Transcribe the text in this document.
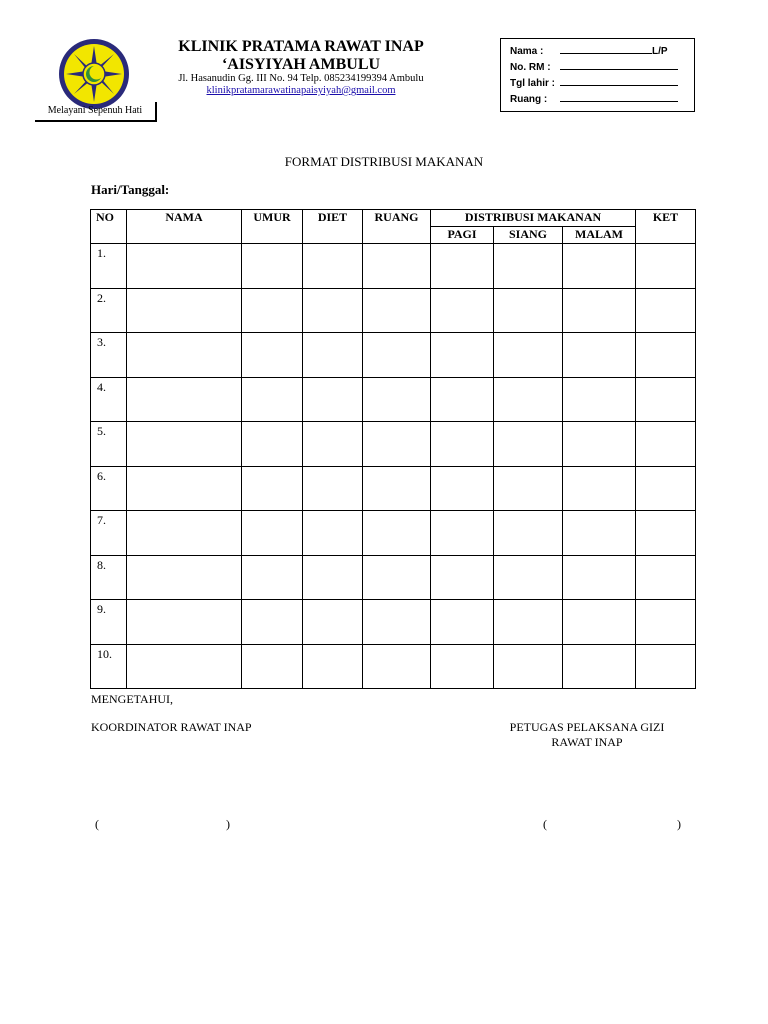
KLINIK PRATAMA RAWAT INAP
‘AISYIYAH AMBULU
Jl. Hasanudin Gg. III No. 94 Telp. 085234199394 Ambulu
klinikpratamarawatinapaisyiyah@gmail.com
Melayani Sepenuh Hati
Nama :	L/P
No. RM :
Tgl lahir :
Ruang :
FORMAT DISTRIBUSI MAKANAN
Hari/Tanggal:
NO	NAMA	UMUR	DIET	RUANG	DISTRIBUSI MAKANAN			KET
					PAGI	SIANG	MALAM	
1.								
2.								
3.								
4.								
5.								
6.								
7.								
8.								
9.								
10.								
MENGETAHUI,
KOORDINATOR RAWAT INAP	PETUGAS PELAKSANA GIZI
RAWAT INAP
(	)	(	)
